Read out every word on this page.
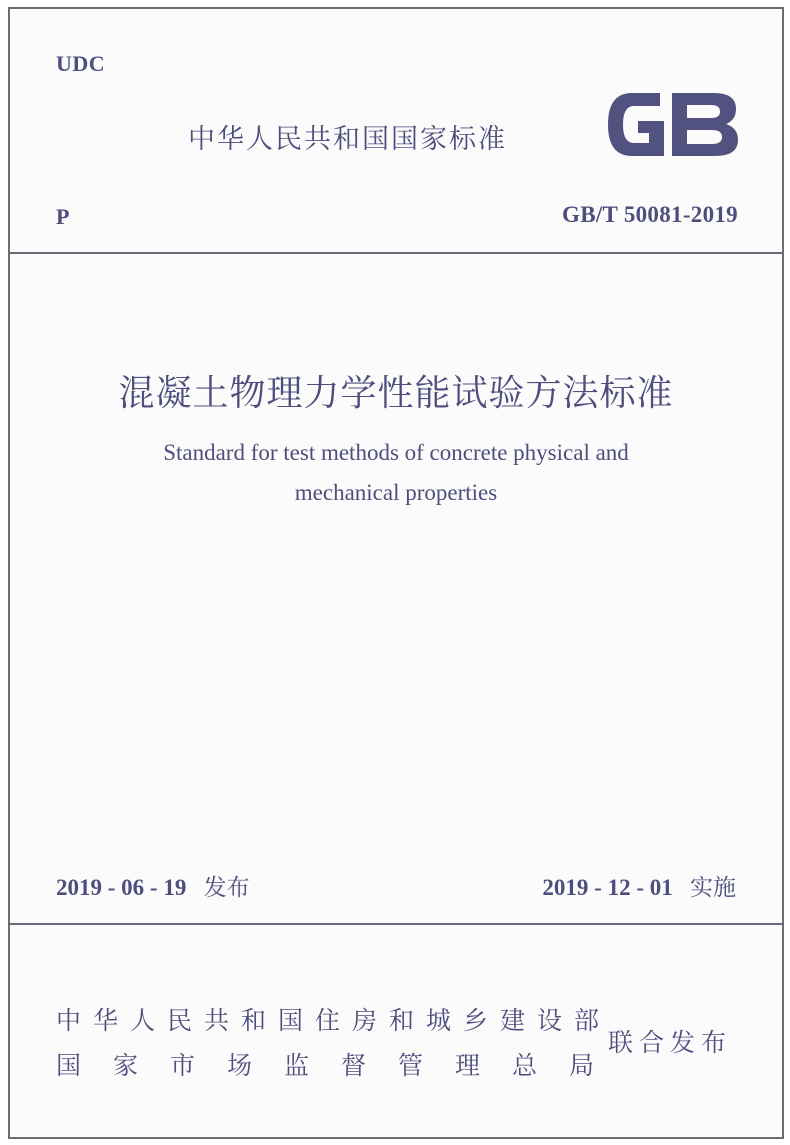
UDC

中华人民共和国国家标准

P	GB/T 50081-2019

混凝土物理力学性能试验方法标准

Standard for test methods of concrete physical and
mechanical properties

2019 - 06 - 19 发布	2019 - 12 - 01 实施

中华人民共和国住房和城乡建设部

国家市场监督管理总局

联合发布
